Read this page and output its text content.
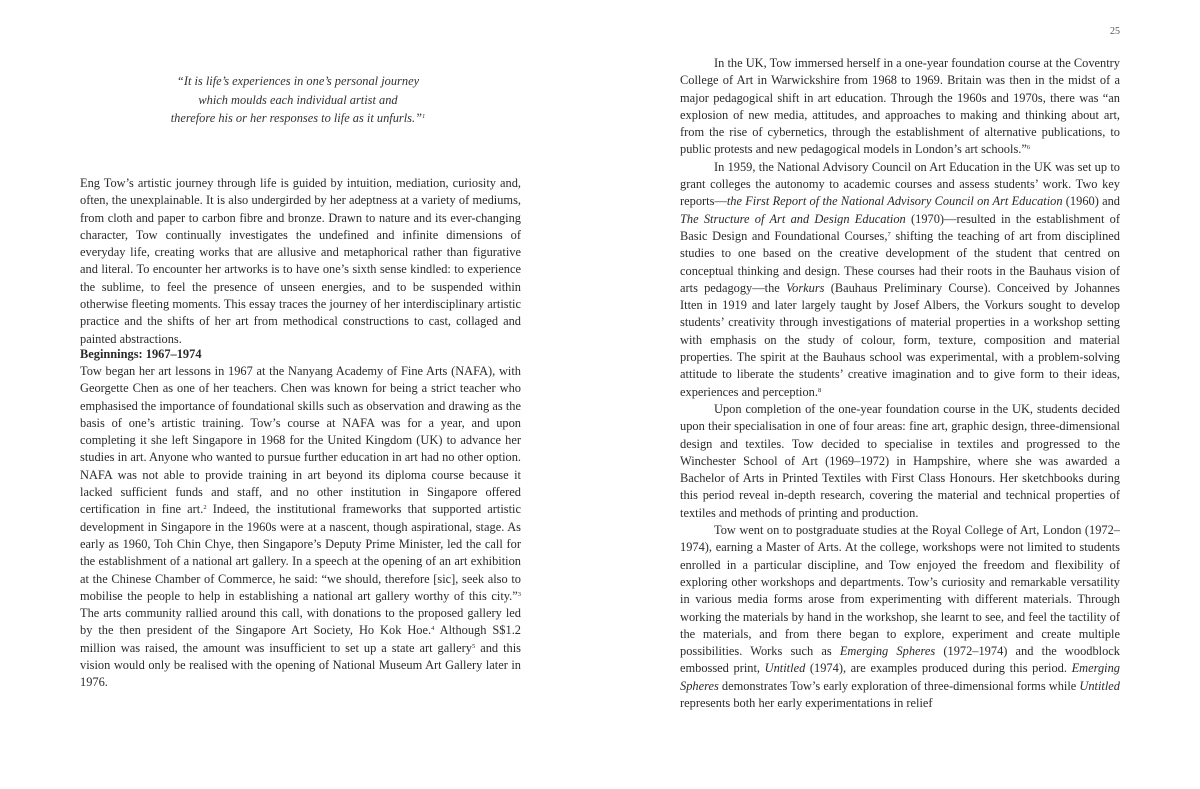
“It is life’s experiences in one’s personal journey
which moulds each individual artist and
therefore his or her responses to life as it unfurls.”$^1$

Eng Tow’s artistic journey through life is guided by intuition, mediation, curiosity and, often, the unexplainable. It is also undergirded by her adeptness at a variety of mediums, from cloth and paper to carbon fibre and bronze. Drawn to nature and its ever-changing character, Tow continually investigates the undefined and infinite dimensions of everyday life, creating works that are allusive and metaphorical rather than figurative and literal. To encounter her artworks is to have one’s sixth sense kindled: to experience the sublime, to feel the presence of unseen energies, and to be suspended within otherwise fleeting moments. This essay traces the journey of her interdisciplinary artistic practice and the shifts of her art from methodical constructions to cast, collaged and painted abstractions.

Beginnings: 1967–1974

Tow began her art lessons in 1967 at the Nanyang Academy of Fine Arts (NAFA), with Georgette Chen as one of her teachers. Chen was known for being a strict teacher who emphasised the importance of foundational skills such as observation and drawing as the basis of one’s artistic training. Tow’s course at NAFA was for a year, and upon completing it she left Singapore in 1968 for the United Kingdom (UK) to advance her studies in art. Anyone who wanted to pursue further education in art had no other option. NAFA was not able to provide training in art beyond its diploma course because it lacked sufficient funds and staff, and no other institution in Singapore offered certification in fine art.$^2$ Indeed, the institutional frameworks that supported artistic development in Singapore in the 1960s were at a nascent, though aspirational, stage. As early as 1960, Toh Chin Chye, then Singapore’s Deputy Prime Minister, led the call for the establishment of a national art gallery. In a speech at the opening of an art exhibition at the Chinese Chamber of Commerce, he said: “we should, therefore [sic], seek also to mobilise the people to help in establishing a national art gallery worthy of this city.”$^3$ The arts community rallied around this call, with donations to the proposed gallery led by the then president of the Singapore Art Society, Ho Kok Hoe.$^4$ Although S$1.2 million was raised, the amount was insufficient to set up a state art gallery$^5$ and this vision would only be realised with the opening of National Museum Art Gallery later in 1976.

25

In the UK, Tow immersed herself in a one-year foundation course at the Coventry College of Art in Warwickshire from 1968 to 1969. Britain was then in the midst of a major pedagogical shift in art education. Through the 1960s and 1970s, there was “an explosion of new media, attitudes, and approaches to making and thinking about art, from the rise of cybernetics, through the establishment of alternative publications, to public protests and new pedagogical models in London’s art schools.”$^6$

In 1959, the National Advisory Council on Art Education in the UK was set up to grant colleges the autonomy to academic courses and assess students’ work. Two key reports—the First Report of the National Advisory Council on Art Education (1960) and The Structure of Art and Design Education (1970)—resulted in the establishment of Basic Design and Foundational Courses,$^7$ shifting the teaching of art from disciplined studies to one based on the creative development of the student that centred on conceptual thinking and design. These courses had their roots in the Bauhaus vision of arts pedagogy—the Vorkurs (Bauhaus Preliminary Course). Conceived by Johannes Itten in 1919 and later largely taught by Josef Albers, the Vorkurs sought to develop students’ creativity through investigations of material properties in a workshop setting with emphasis on the study of colour, form, texture, composition and material properties. The spirit at the Bauhaus school was experimental, with a problem-solving attitude to liberate the students’ creative imagination and to give form to their ideas, experiences and perception.$^8$

Upon completion of the one-year foundation course in the UK, students decided upon their specialisation in one of four areas: fine art, graphic design, three-dimensional design and textiles. Tow decided to specialise in textiles and progressed to the Winchester School of Art (1969–1972) in Hampshire, where she was awarded a Bachelor of Arts in Printed Textiles with First Class Honours. Her sketchbooks during this period reveal in-depth research, covering the material and technical properties of textiles and methods of printing and production.

Tow went on to postgraduate studies at the Royal College of Art, London (1972–1974), earning a Master of Arts. At the college, workshops were not limited to students enrolled in a particular discipline, and Tow enjoyed the freedom and flexibility of exploring other workshops and departments. Tow’s curiosity and remarkable versatility in various media forms arose from experimenting with different materials. Through working the materials by hand in the workshop, she learnt to see, and feel the tactility of the materials, and from there began to explore, experiment and create multiple possibilities. Works such as Emerging Spheres (1972–1974) and the woodblock embossed print, Untitled (1974), are examples produced during this period. Emerging Spheres demonstrates Tow’s early exploration of three-dimensional forms while Untitled represents both her early experimentations in relief
